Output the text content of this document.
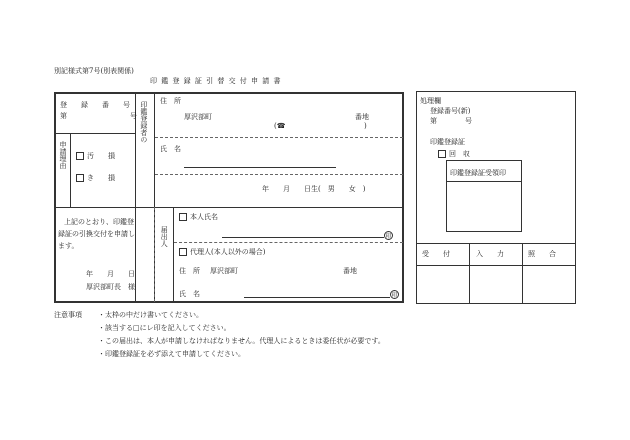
別記様式第7号(別表関係)
印 鑑 登 録 証 引 替 交 付 申 請 書
登　　録　　番　　号
第　　　　　　　　　号
申請理由	汚　　損
き　　損
上記のとおり、印鑑登
録証の引換交付を申請し
ます。
年　　月　　日
厚沢部町長　様
印鑑登録者の 住　所
厚沢部町	番地
(☎	)
氏　名
年　　月　　日生(　男　　女　)
届出人
本人氏名
印
代理人(本人以外の場合)
住　所 厚沢部町	番地
氏　名	印
処理欄
登録番号(新)
第　　　　号
印鑑登録証
回　収
印鑑登録証受領印
受　　付	入　　力	照　　合
注意事項 ・太枠の中だけ書いてください。
・該当する□にレ印を記入してください。
・この届出は、本人が申請しなければなりません。代理人によるときは委任状が必要です。
・印鑑登録証を必ず添えて申請してください。
